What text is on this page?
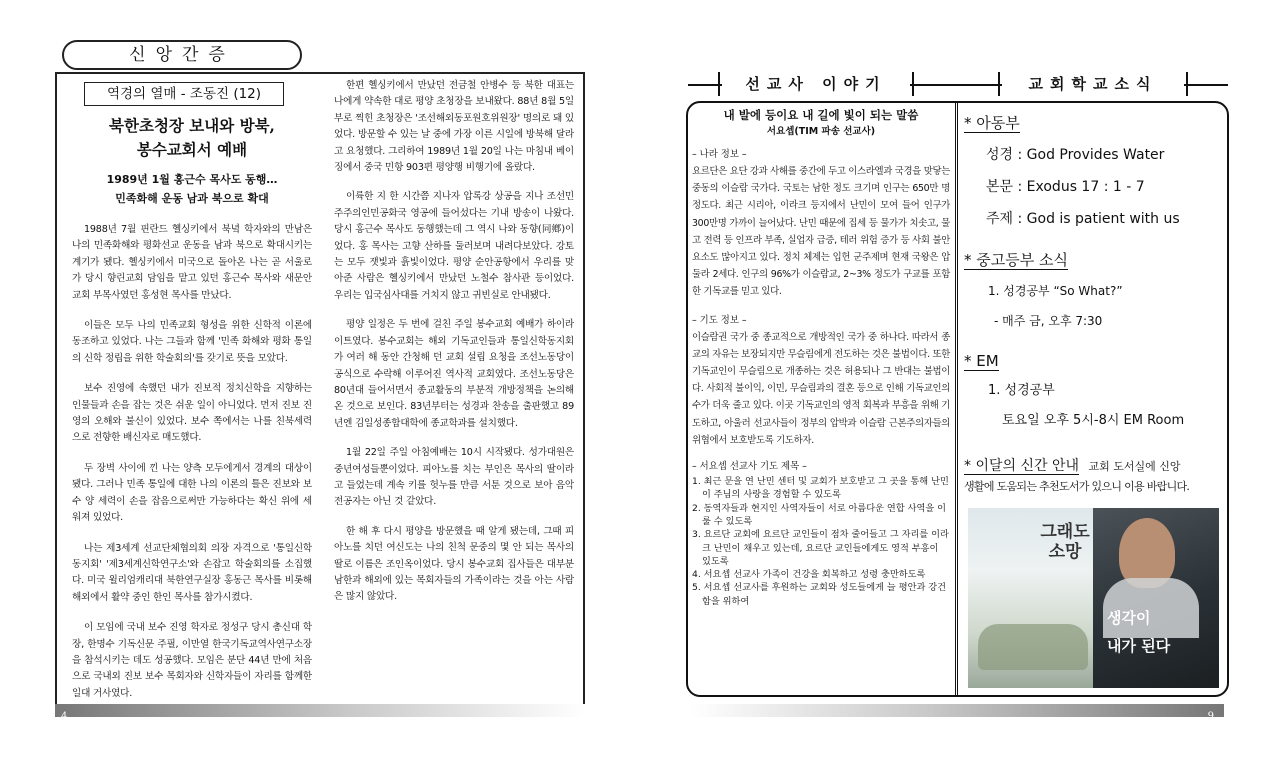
신앙간증
역경의 열매 - 조동진 (12)
북한초청장 보내와 방북,
봉수교회서 예배
1989년 1월 홍근수 목사도 동행…
민족화해 운동 남과 북으로 확대

1988년 7월 핀란드 헬싱키에서 북녘 학자와의 만남은 나의 민족화해와 평화선교 운동을 남과 북으로 확대시키는 계기가 됐다. 헬싱키에서 미국으로 돌아온 나는 곧 서울로 가 당시 향린교회 담임을 맡고 있던 홍근수 목사와 새문안교회 부목사였던 홍성현 목사를 만났다.

이들은 모두 나의 민족교회 형성을 위한 신학적 이론에 동조하고 있었다. 나는 그들과 함께 '민족 화해와 평화 통일의 신학 정립을 위한 학술회의'를 갖기로 뜻을 모았다.

보수 진영에 속했던 내가 진보적 정치신학을 지향하는 인물들과 손을 잡는 것은 쉬운 일이 아니었다. 먼저 진보 진영의 오해와 불신이 있었다. 보수 쪽에서는 나를 친북세력으로 전향한 배신자로 매도했다.

두 장벽 사이에 낀 나는 양측 모두에게서 경계의 대상이 됐다. 그러나 민족 통일에 대한 나의 이론의 틀은 진보와 보수 양 세력이 손을 잡음으로써만 가능하다는 확신 위에 세워져 있었다.

나는 제3세계 선교단체협의회 의장 자격으로 '통일신학동지회' '제3세계신학연구소'와 손잡고 학술회의를 소집했다. 미국 윌리엄캐리대 북한연구실장 홍동근 목사를 비롯해 해외에서 활약 중인 한인 목사를 참가시켰다.

이 모임에 국내 보수 진영 학자로 정성구 당시 총신대 학장, 한명수 기독신문 주필, 이만열 한국기독교역사연구소장을 참석시키는 데도 성공했다. 모임은 분단 44년 만에 처음으로 국내외 진보 보수 목회자와 신학자들이 자리를 함께한 일대 거사였다.

한편 헬싱키에서 만났던 전금철 안병수 등 북한 대표는 나에게 약속한 대로 평양 초청장을 보내왔다. 88년 8월 5일부로 찍힌 초청장은 '조선해외동포원호위원장' 명의로 돼 있었다. 방문할 수 있는 날 중에 가장 이른 시일에 방북해 달라고 요청했다. 그리하여 1989년 1월 20일 나는 마침내 베이징에서 중국 민항 903편 평양행 비행기에 올랐다.

이륙한 지 한 시간쯤 지나자 압록강 상공을 지나 조선민주주의인민공화국 영공에 들어섰다는 기내 방송이 나왔다. 당시 홍근수 목사도 동행했는데 그 역시 나와 동향(同鄕)이었다. 홍 목사는 고향 산하를 둘러보며 내려다보았다. 강토는 모두 잿빛과 흙빛이었다. 평양 순안공항에서 우리를 맞아준 사람은 헬싱키에서 만났던 노철수 참사관 등이었다. 우리는 입국심사대를 거치지 않고 귀빈실로 안내됐다.

평양 일정은 두 번에 걸친 주일 봉수교회 예배가 하이라이트였다. 봉수교회는 해외 기독교인들과 통일신학동지회가 여러 해 동안 간청해 던 교회 설립 요청을 조선노동당이 공식으로 수락해 이루어진 역사적 교회였다. 조선노동당은 80년대 들어서면서 종교활동의 부분적 개방정책을 논의해온 것으로 보인다. 83년부터는 성경과 찬송을 출판했고 89년엔 김일성종합대학에 종교학과를 설치했다.

1월 22일 주일 아침예배는 10시 시작됐다. 성가대원은 중년여성들뿐이었다. 피아노를 치는 부인은 목사의 딸이라고 들었는데 계속 키를 헛누를 만큼 서툰 것으로 보아 음악 전공자는 아닌 것 같았다.

한 해 후 다시 평양을 방문했을 때 알게 됐는데, 그때 피아노를 치던 여신도는 나의 친척 문중의 몇 안 되는 목사의 딸로 이름은 조인옥이었다. 당시 봉수교회 집사들은 대부분 남한과 해외에 있는 목회자들의 가족이라는 것을 아는 사람은 많지 않았다.

4
선교사 이야기	교회학교소식
내 발에 등이요 내 길에 빛이 되는 말씀
서요셉(TIM 파송 선교사)
– 나라 정보 –

요르단은 요단 강과 사해를 중간에 두고 이스라엘과 국경을 맞닿는 중동의 이슬람 국가다. 국토는 남한 정도 크기며 인구는 650만 명 정도다. 최근 시리아, 이라크 등지에서 난민이 모여 들어 인구가 300만명 가까이 늘어났다. 난민 때문에 집세 등 물가가 치솟고, 물고 전력 등 인프라 부족, 실업자 급증, 테러 위험 증가 등 사회 불안 요소도 많아지고 있다. 정치 체제는 입헌 군주제며 현재 국왕은 압둘라 2세다. 인구의 96%가 이슬람교, 2~3% 정도가 구교를 포함한 기독교를 믿고 있다.

– 기도 정보 –

이슬람권 국가 중 종교적으로 개방적인 국가 중 하나다. 따라서 종교의 자유는 보장되지만 무슬림에게 전도하는 것은 불법이다. 또한 기독교인이 무슬림으로 개종하는 것은 허용되나 그 반대는 불법이다. 사회적 불이익, 이민, 무슬림과의 결혼 등으로 인해 기독교인의 수가 더욱 줄고 있다. 이곳 기독교인의 영적 회복과 부흥을 위해 기도하고, 아울러 선교사들이 정부의 압박과 이슬람 근본주의자들의 위협에서 보호받도록 기도하자.

– 서요셉 선교사 기도 제목 –
1. 최근 문을 연 난민 센터 및 교회가 보호받고 그 곳을 통해 난민이 주님의 사랑을 경험할 수 있도록
2. 동역자들과 현지인 사역자들이 서로 아름다운 연합 사역을 이룰 수 있도록
3. 요르단 교회에 요르단 교인들이 점차 줄어들고 그 자리를 이라크 난민이 채우고 있는데, 요르단 교인들에게도 영적 부흥이 있도록
4. 서요셉 선교사 가족이 건강을 회복하고 성령 충만하도록
5. 서요셉 선교사를 후원하는 교회와 성도들에게 늘 평안과 강건함을 위하여
* 아동부
성경 : God Provides Water
본문 : Exodus 17 : 1 - 7
주제 : God is patient with us
* 중고등부 소식
1. 성경공부 “So What?”
- 매주 금, 오후 7:30
* EM
1. 성경공부
토요일 오후 5시-8시 EM Room
* 이달의 신간 안내 교회 도서실에 신앙
생활에 도움되는 추천도서가 있으니 이용 바랍니다.
그래도 소망
생각이
내가 된다
9
